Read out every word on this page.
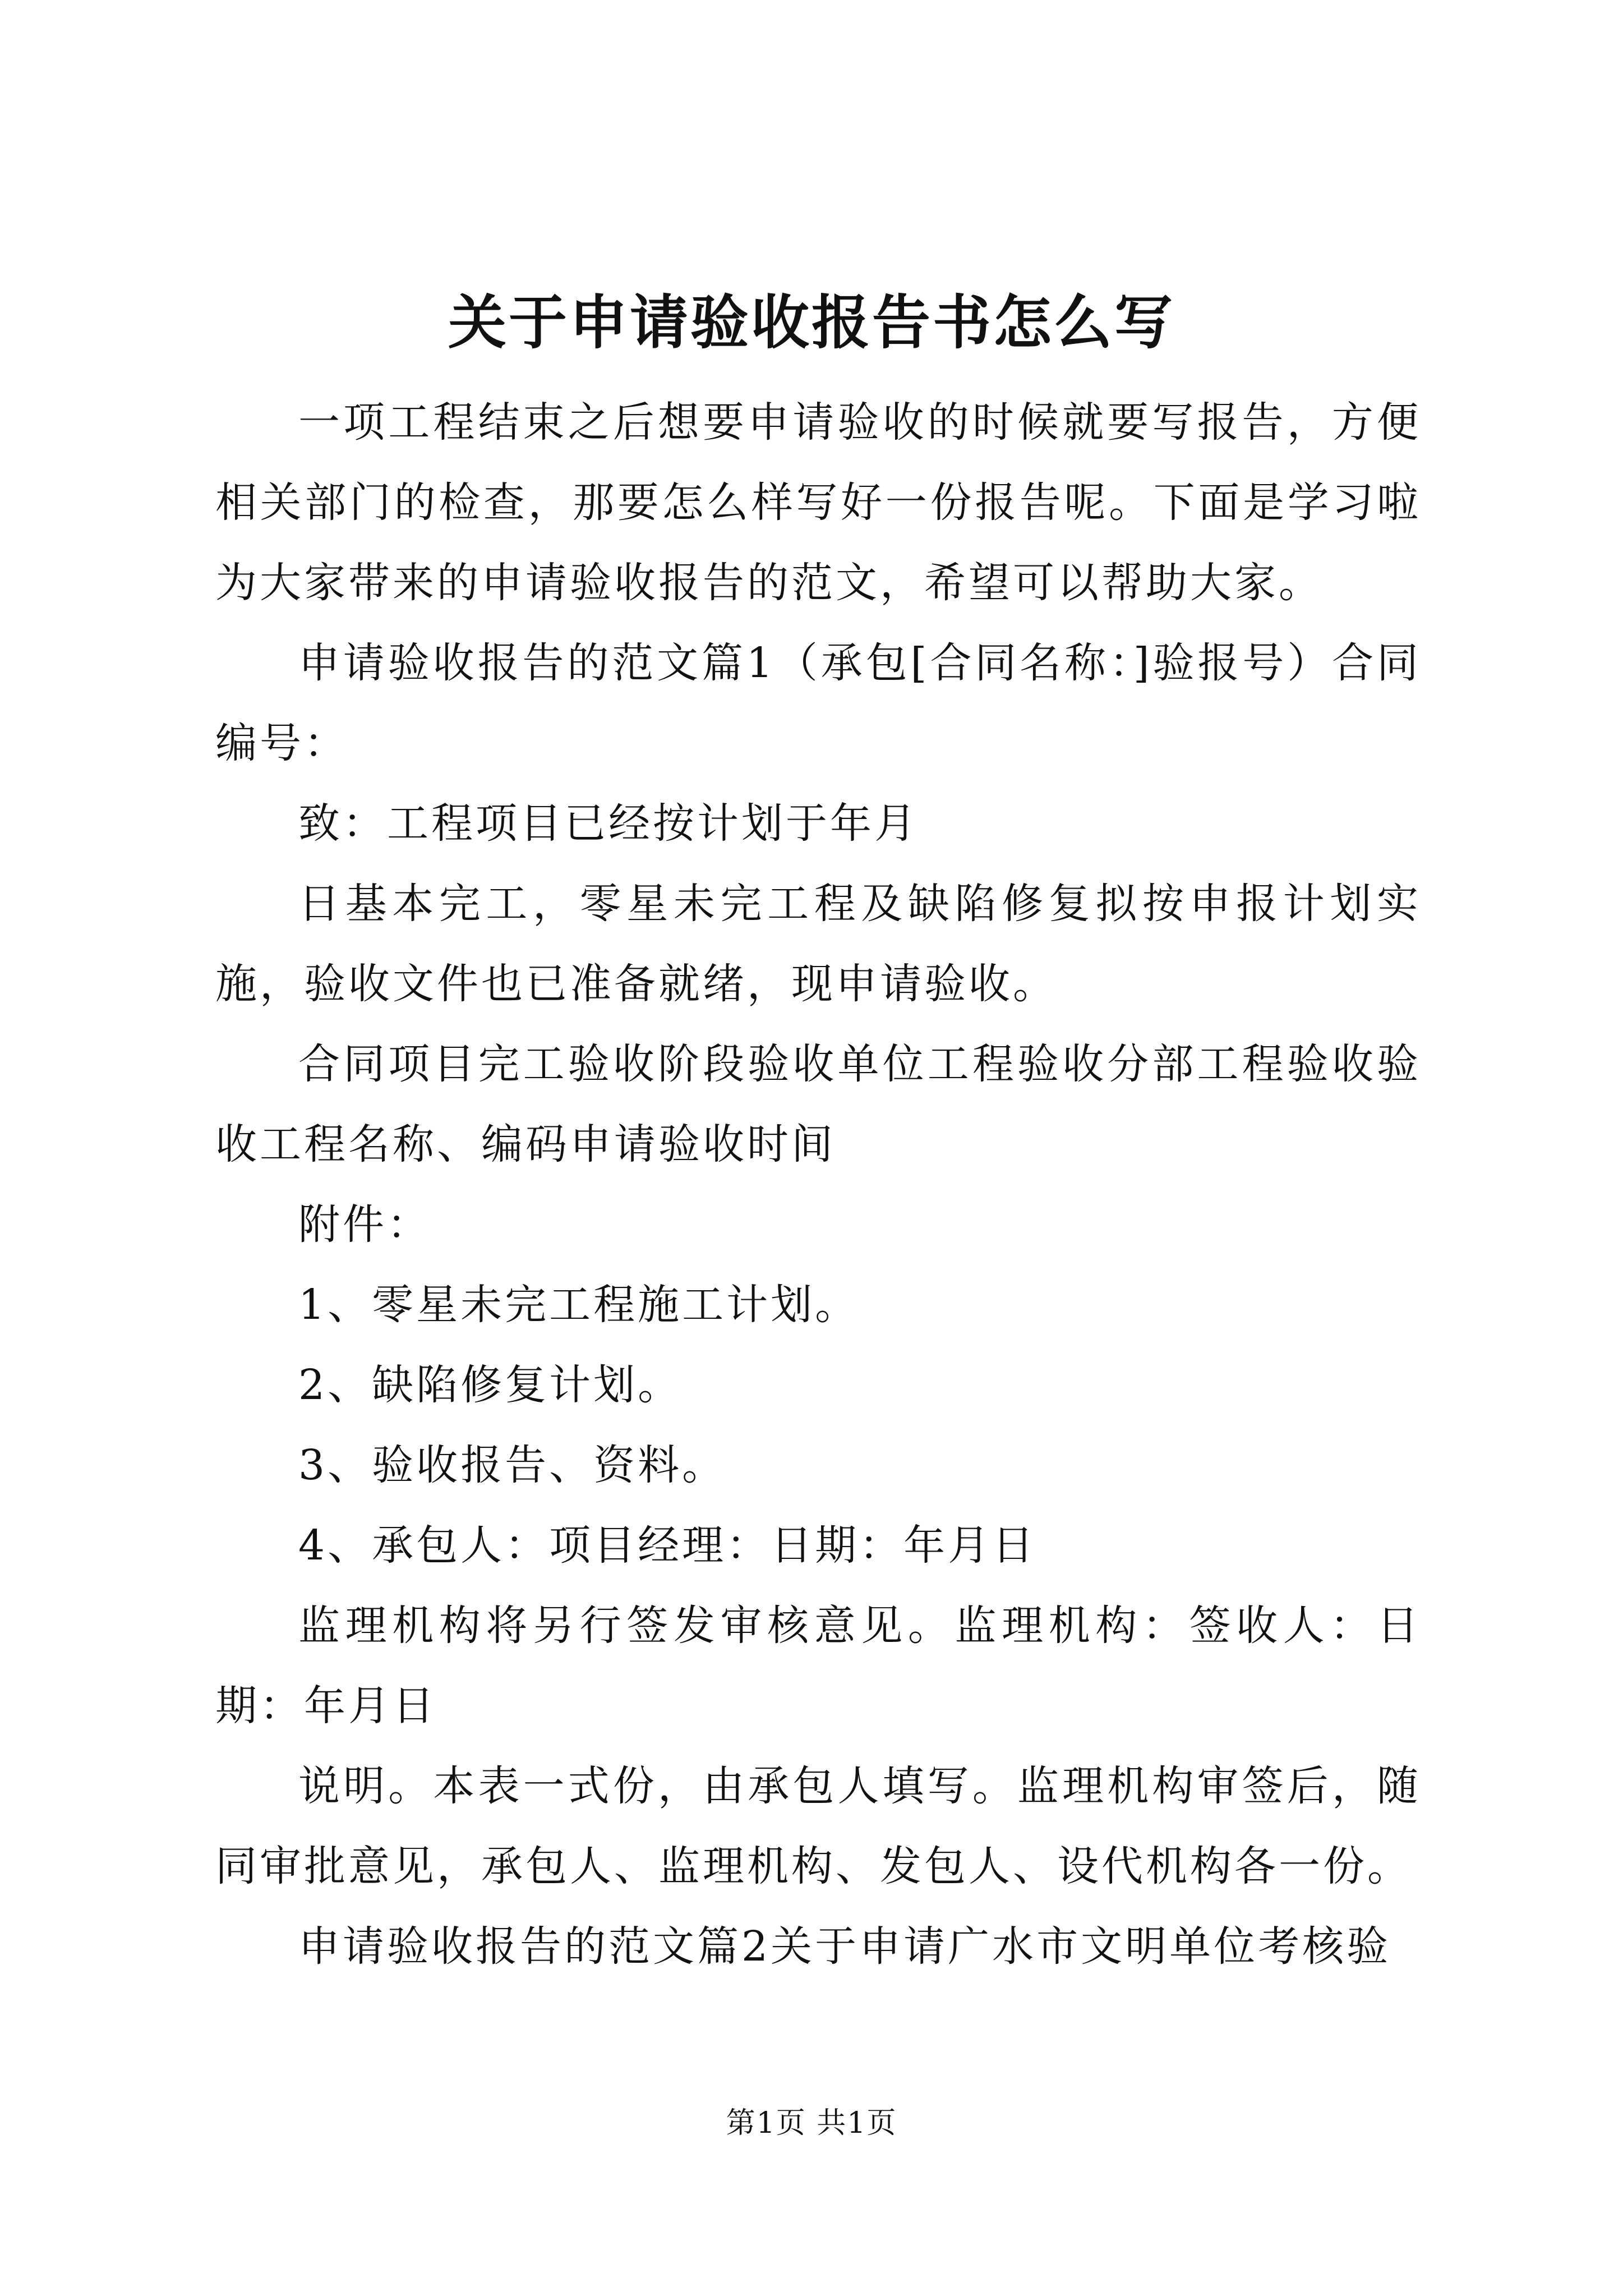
关于申请验收报告书怎么写

一项工程结束之后想要申请验收的时候就要写报告，方便相关部门的检查，那要怎么样写好一份报告呢。下面是学习啦为大家带来的申请验收报告的范文，希望可以帮助大家。

申请验收报告的范文篇1（承包[合同名称：]验报号）合同编号：

致：工程项目已经按计划于年月

日基本完工，零星未完工程及缺陷修复拟按申报计划实施，验收文件也已准备就绪，现申请验收。

合同项目完工验收阶段验收单位工程验收分部工程验收验收工程名称、编码申请验收时间

附件：

1、零星未完工程施工计划。

2、缺陷修复计划。

3、验收报告、资料。

4、承包人：项目经理：日期：年月日

监理机构将另行签发审核意见。监理机构：签收人：日期：年月日

说明。本表一式份，由承包人填写。监理机构审签后，随同审批意见，承包人、监理机构、发包人、设代机构各一份。

申请验收报告的范文篇2关于申请广水市文明单位考核验

第1页 共1页
